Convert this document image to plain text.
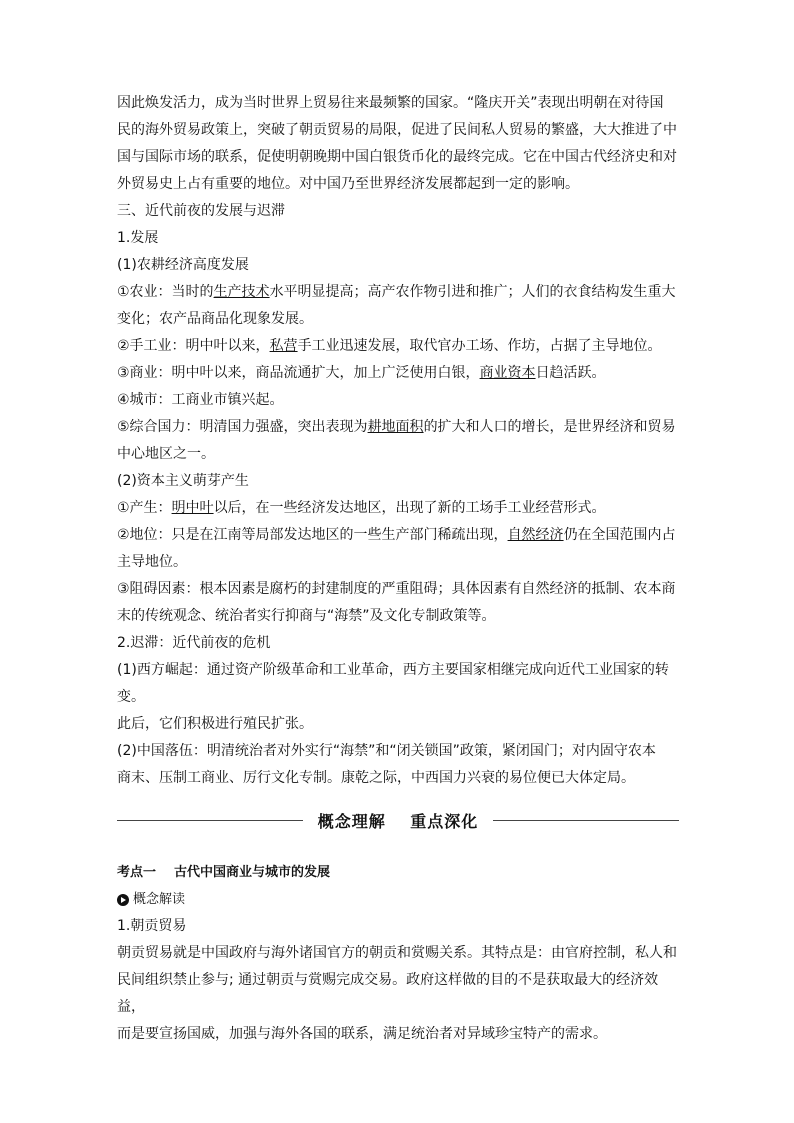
因此焕发活力，成为当时世界上贸易往来最频繁的国家。“隆庆开关”表现出明朝在对待国

民的海外贸易政策上，突破了朝贡贸易的局限，促进了民间私人贸易的繁盛，大大推进了中

国与国际市场的联系，促使明朝晚期中国白银货币化的最终完成。它在中国古代经济史和对

外贸易史上占有重要的地位。对中国乃至世界经济发展都起到一定的影响。

三、近代前夜的发展与迟滞

1.发展

(1)农耕经济高度发展

①农业：当时的生产技术水平明显提高；高产农作物引进和推广；人们的衣食结构发生重大

变化；农产品商品化现象发展。

②手工业：明中叶以来，私营手工业迅速发展，取代官办工场、作坊，占据了主导地位。

③商业：明中叶以来，商品流通扩大，加上广泛使用白银，商业资本日趋活跃。

④城市：工商业市镇兴起。

⑤综合国力：明清国力强盛，突出表现为耕地面积的扩大和人口的增长，是世界经济和贸易

中心地区之一。

(2)资本主义萌芽产生

①产生：明中叶以后，在一些经济发达地区，出现了新的工场手工业经营形式。

②地位：只是在江南等局部发达地区的一些生产部门稀疏出现，自然经济仍在全国范围内占

主导地位。

③阻碍因素：根本因素是腐朽的封建制度的严重阻碍；具体因素有自然经济的抵制、农本商

末的传统观念、统治者实行抑商与“海禁”及文化专制政策等。

2.迟滞：近代前夜的危机

(1)西方崛起：通过资产阶级革命和工业革命，西方主要国家相继完成向近代工业国家的转变。

此后，它们积极进行殖民扩张。

(2)中国落伍：明清统治者对外实行“海禁”和“闭关锁国”政策，紧闭国门；对内固守农本

商末、压制工商业、厉行文化专制。康乾之际，中西国力兴衰的易位便已大体定局。

概念理解 重点深化

考点一 古代中国商业与城市的发展

概念解读

1.朝贡贸易

朝贡贸易就是中国政府与海外诸国官方的朝贡和赏赐关系。其特点是：由官府控制，私人和

民间组织禁止参与; 通过朝贡与赏赐完成交易。政府这样做的目的不是获取最大的经济效益，

而是要宣扬国威，加强与海外各国的联系，满足统治者对异域珍宝特产的需求。
